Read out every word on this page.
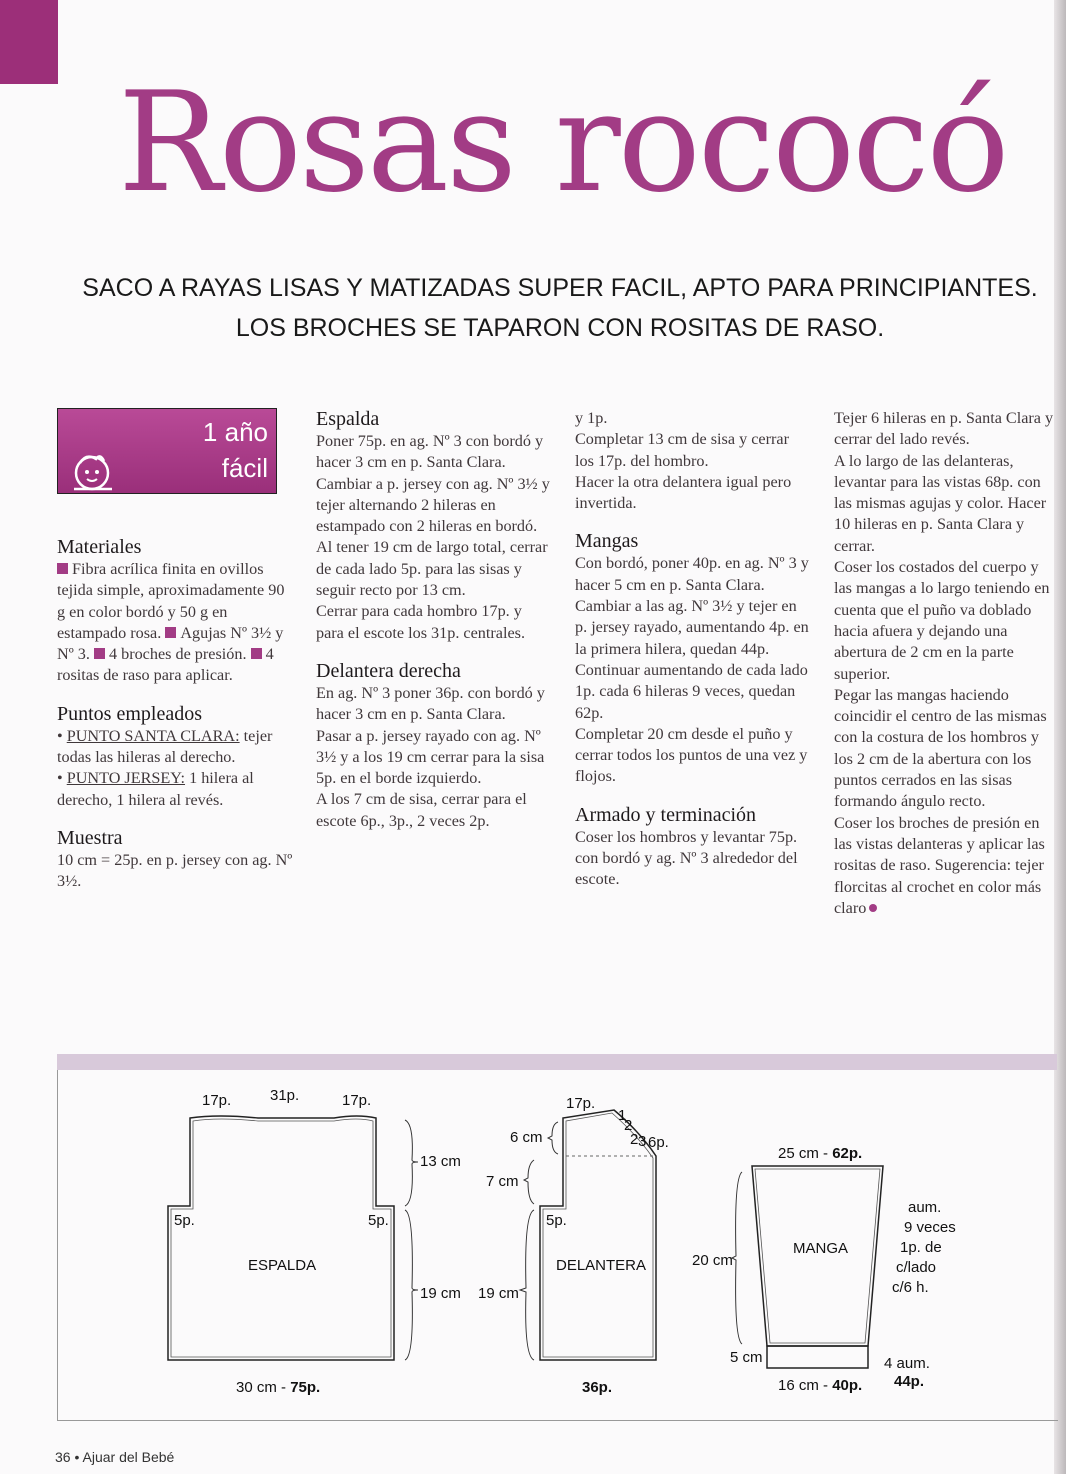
Rosas rococó
SACO A RAYAS LISAS Y MATIZADAS SUPER FACIL, APTO PARA PRINCIPIANTES.
LOS BROCHES SE TAPARON CON ROSITAS DE RASO.
1 año
fácil
Materiales

Fibra acrílica finita en ovillos tejida simple, aproximadamente 90 g en color bordó y 50 g en estampado rosa. Agujas Nº 3½ y Nº 3. 4 broches de presión. 4 rositas de raso para aplicar.

Puntos empleados

• PUNTO SANTA CLARA: tejer todas las hileras al derecho.

• PUNTO JERSEY: 1 hilera al derecho, 1 hilera al revés.

Muestra

10 cm = 25p. en p. jersey con ag. Nº 3½.

Espalda

Poner 75p. en ag. Nº 3 con bordó y hacer 3 cm en p. Santa Clara.

Cambiar a p. jersey con ag. Nº 3½ y tejer alternando 2 hileras en estampado con 2 hileras en bordó.

Al tener 19 cm de largo total, cerrar de cada lado 5p. para las sisas y seguir recto por 13 cm.

Cerrar para cada hombro 17p. y para el escote los 31p. centrales.

Delantera derecha

En ag. Nº 3 poner 36p. con bordó y hacer 3 cm en p. Santa Clara.

Pasar a p. jersey rayado con ag. Nº 3½ y a los 19 cm cerrar para la sisa 5p. en el borde izquierdo.

A los 7 cm de sisa, cerrar para el escote 6p., 3p., 2 veces 2p.

y 1p.

Completar 13 cm de sisa y cerrar los 17p. del hombro.

Hacer la otra delantera igual pero invertida.

Mangas

Con bordó, poner 40p. en ag. Nº 3 y hacer 5 cm en p. Santa Clara.

Cambiar a las ag. Nº 3½ y tejer en p. jersey rayado, aumentando 4p. en la primera hilera, quedan 44p.

Continuar aumentando de cada lado 1p. cada 6 hileras 9 veces, quedan 62p.

Completar 20 cm desde el puño y cerrar todos los puntos de una vez y flojos.

Armado y terminación

Coser los hombros y levantar 75p. con bordó y ag. Nº 3 alrededor del escote.

Tejer 6 hileras en p. Santa Clara y cerrar del lado revés.

A lo largo de las delanteras, levantar para las vistas 68p. con las mismas agujas y color. Hacer 10 hileras en p. Santa Clara y cerrar.

Coser los costados del cuerpo y las mangas a lo largo teniendo en cuenta que el puño va doblado hacia afuera y dejando una abertura de 2 cm en la parte superior.

Pegar las mangas haciendo coincidir el centro de las mismas con la costura de los hombros y los 2 cm de la abertura con los puntos cerrados en las sisas formando ángulo recto.

Coser los broches de presión en las vistas delanteras y aplicar las rositas de raso. Sugerencia: tejer florcitas al crochet en color más claro

ESPALDA
17p.	31p.	17p.
5p.	5p.
13 cm
19 cm
30 cm - 75p.
DELANTERA
17p.
5p.
1
2
2 3 6p.
6 cm
7 cm
19 cm
36p.
MANGA
25 cm - 62p.
20 cm
5 cm
16 cm - 40p.
aum.
9 veces
1p. de
c/lado
c/6 h.
4 aum.
44p.
36 • Ajuar del Bebé
